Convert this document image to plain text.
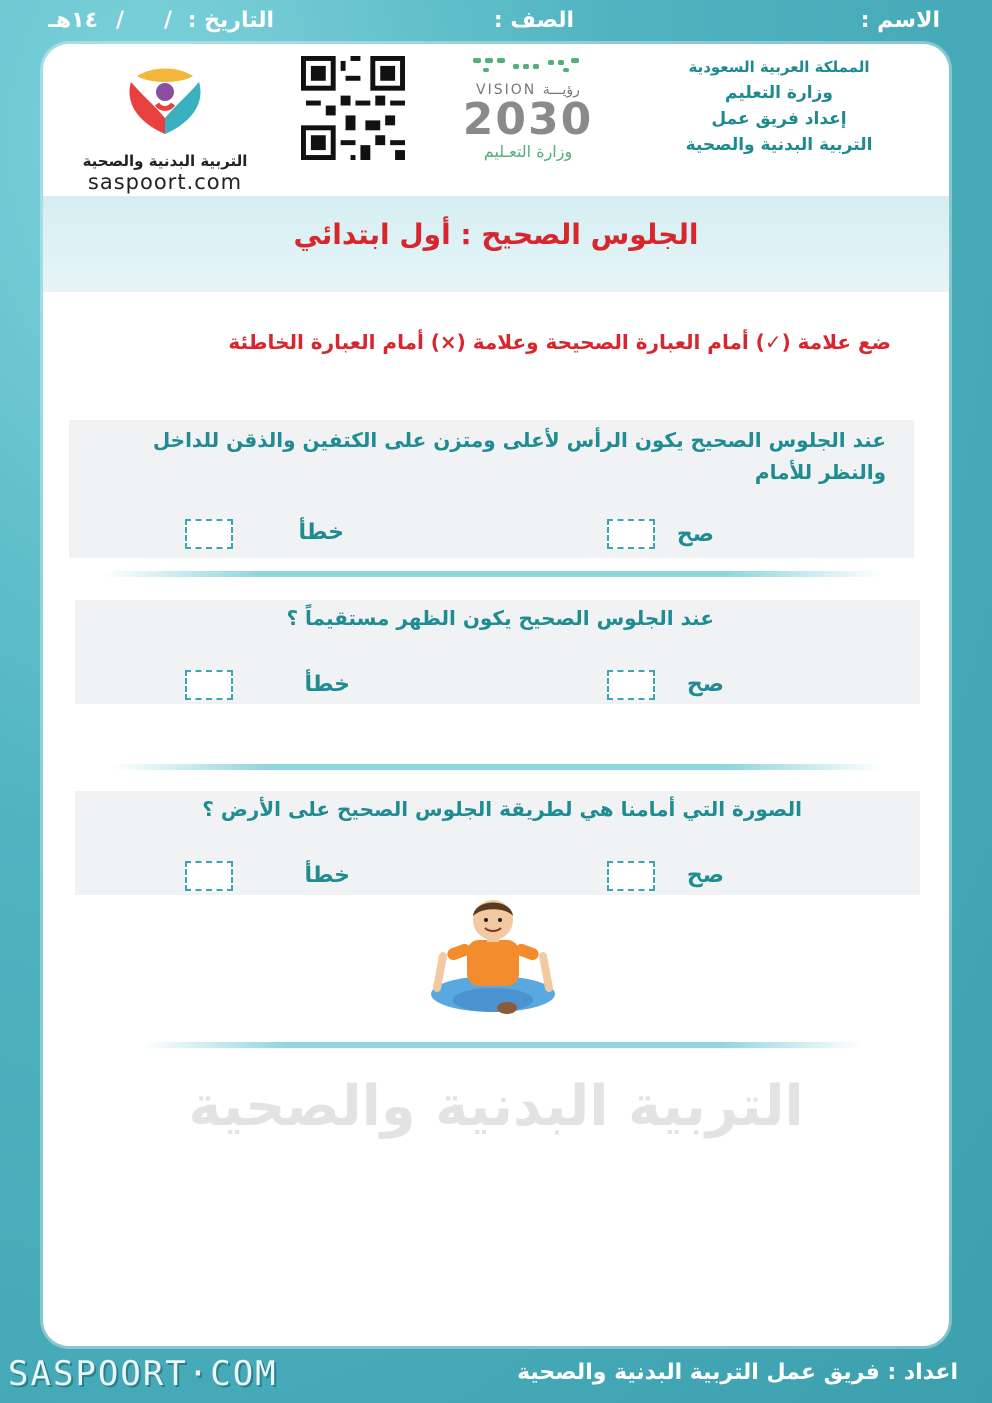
الاسم :
الصف :
التاريخ :
/
/
١٤هـ
المملكة العربية السعودية
وزارة التعليم
إعداد فريق عمل
التربية البدنية والصحية
VISION رؤيـــة
2030
وزارة التعـليم
التربية البدنية والصحية
saspoort.com
الجلوس الصحيح : أول ابتدائي
ضع علامة (✓) أمام العبارة الصحيحة وعلامة (×) أمام العبارة الخاطئة
عند الجلوس الصحيح يكون الرأس لأعلى ومتزن على الكتفين والذقن للداخل والنظر للأمام
صح
خطأ
عند الجلوس الصحيح يكون الظهر مستقيماً ؟
صح
خطأ
الصورة التي أمامنا هي لطريقة الجلوس الصحيح على الأرض ؟
صح
خطأ
التربية البدنية والصحية
SASPOORT·COM	اعداد : فريق عمل التربية البدنية والصحية
